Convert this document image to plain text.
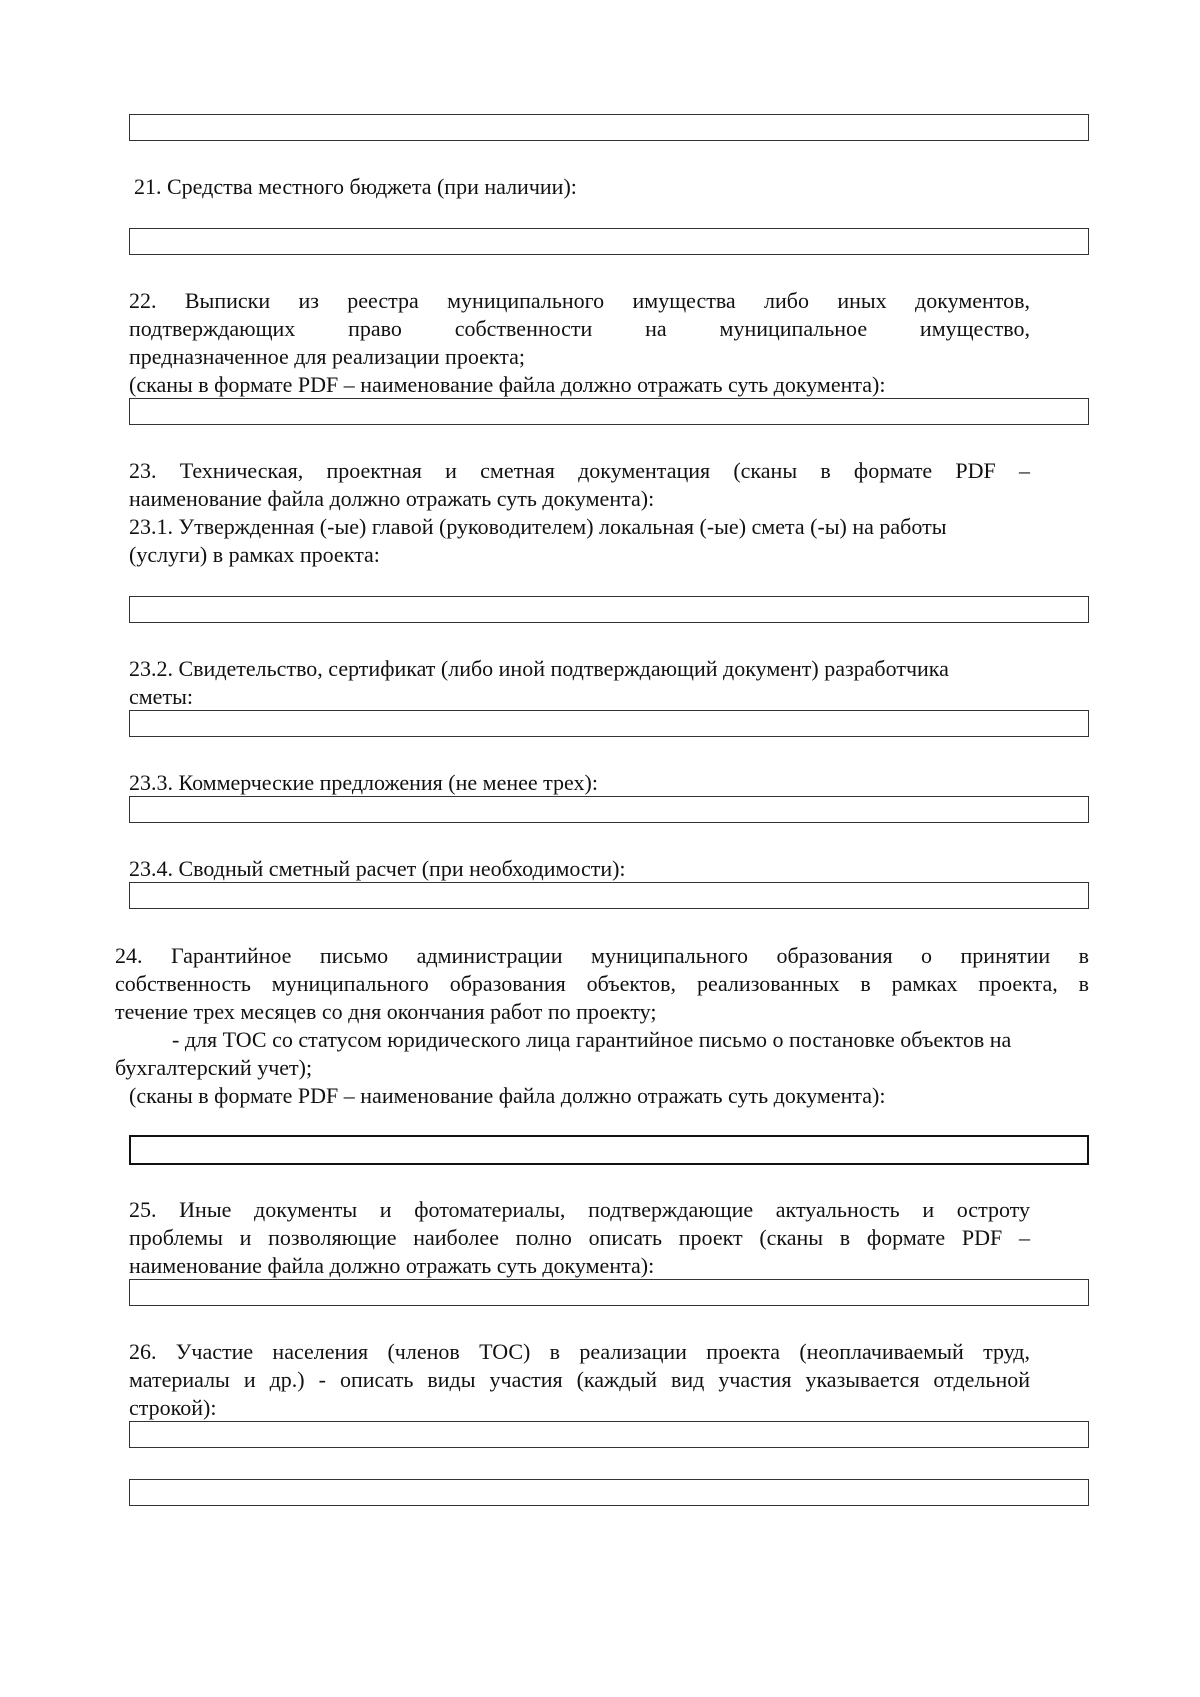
21. Средства местного бюджета (при наличии):

22. Выписки из реестра муниципального имущества либо иных документов,
подтверждающих право собственности на муниципальное имущество,
предназначенное для реализации проекта;

(сканы в формате PDF – наименование файла должно отражать суть документа):

23. Техническая, проектная и сметная документация (сканы в формате PDF –
наименование файла должно отражать суть документа):
23.1. Утвержденная (-ые) главой (руководителем) локальная (-ые) смета (-ы) на работы
(услуги) в рамках проекта:
23.2. Свидетельство, сертификат (либо иной подтверждающий документ) разработчика
сметы:

23.3. Коммерческие предложения (не менее трех):

23.4. Сводный сметный расчет (при необходимости):

24. Гарантийное письмо администрации муниципального образования о принятии в
собственность муниципального образования объектов, реализованных в рамках проекта, в
течение трех месяцев со дня окончания работ по проекту;

- для ТОС со статусом юридического лица гарантийное письмо о постановке объектов на

бухгалтерский учет);

(сканы в формате PDF – наименование файла должно отражать суть документа):

25. Иные документы и фотоматериалы, подтверждающие актуальность и остроту
проблемы и позволяющие наиболее полно описать проект (сканы в формате PDF –
наименование файла должно отражать суть документа):
26. Участие населения (членов ТОС) в реализации проекта (неоплачиваемый труд,
материалы и др.) - описать виды участия (каждый вид участия указывается отдельной
строкой):
